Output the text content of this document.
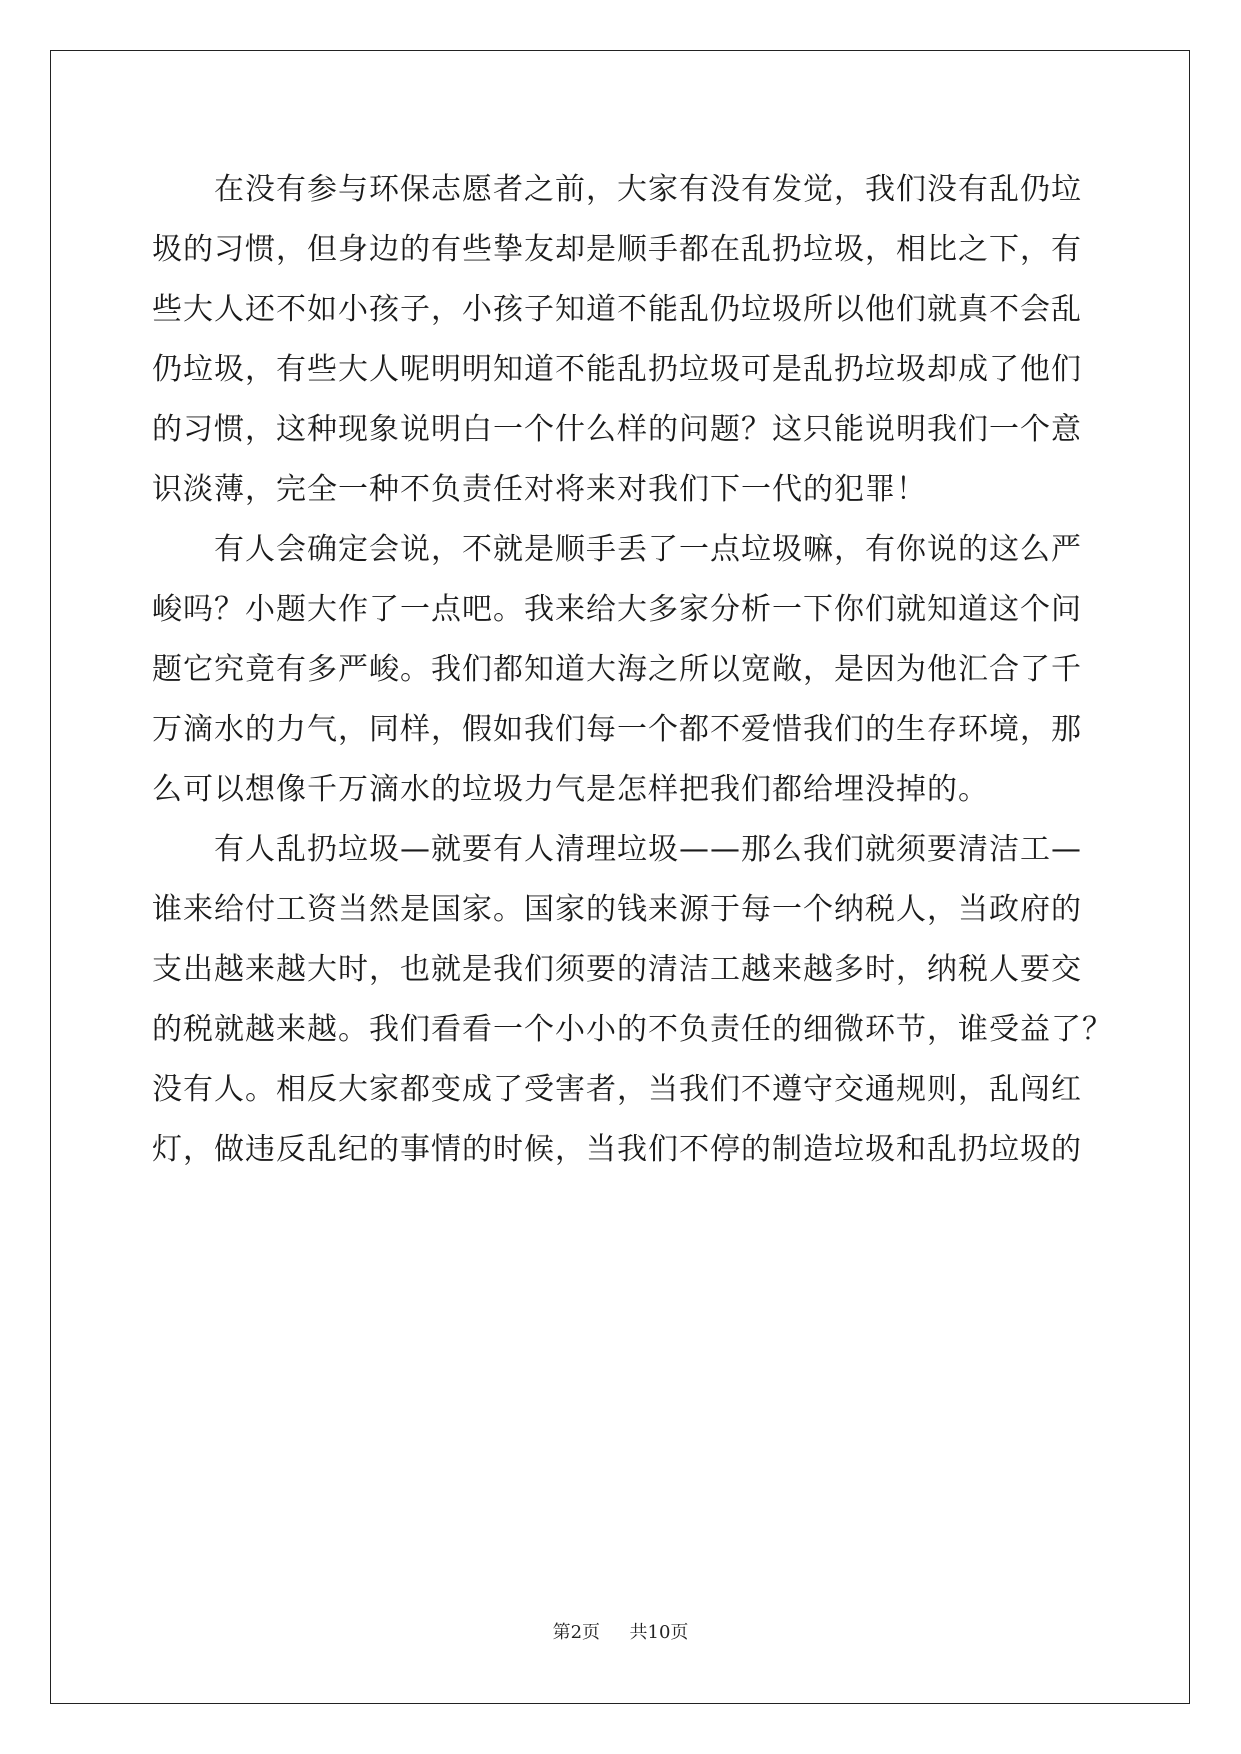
在没有参与环保志愿者之前，大家有没有发觉，我们没有乱仍垃
圾的习惯，但身边的有些挚友却是顺手都在乱扔垃圾，相比之下，有
些大人还不如小孩子，小孩子知道不能乱仍垃圾所以他们就真不会乱
仍垃圾，有些大人呢明明知道不能乱扔垃圾可是乱扔垃圾却成了他们
的习惯，这种现象说明白一个什么样的问题？这只能说明我们一个意
识淡薄，完全一种不负责任对将来对我们下一代的犯罪！
有人会确定会说，不就是顺手丢了一点垃圾嘛，有你说的这么严
峻吗？小题大作了一点吧。我来给大多家分析一下你们就知道这个问
题它究竟有多严峻。我们都知道大海之所以宽敞，是因为他汇合了千
万滴水的力气，同样，假如我们每一个都不爱惜我们的生存环境，那
么可以想像千万滴水的垃圾力气是怎样把我们都给埋没掉的。
有人乱扔垃圾—就要有人清理垃圾——那么我们就须要清洁工—
谁来给付工资当然是国家。国家的钱来源于每一个纳税人，当政府的
支出越来越大时，也就是我们须要的清洁工越来越多时，纳税人要交
的税就越来越。我们看看一个小小的不负责任的细微环节，谁受益了？
没有人。相反大家都变成了受害者，当我们不遵守交通规则，乱闯红
灯，做违反乱纪的事情的时候，当我们不停的制造垃圾和乱扔垃圾的
第2页 共10页
